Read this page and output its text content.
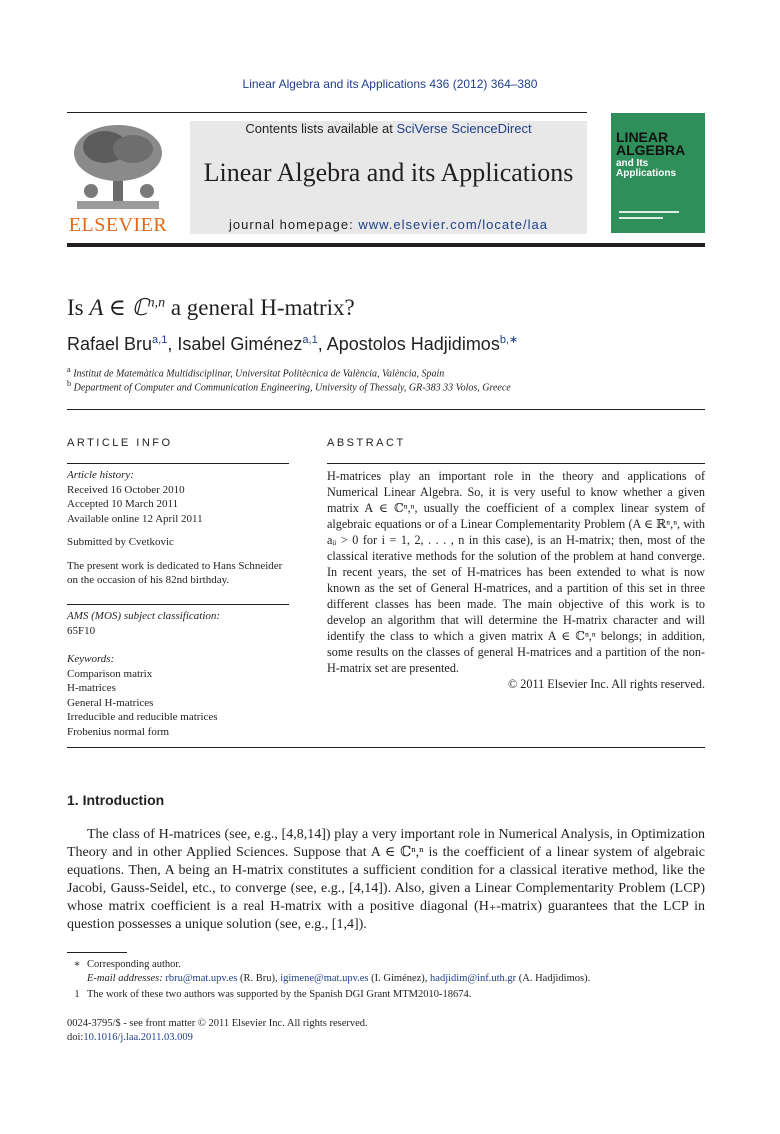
Linear Algebra and its Applications 436 (2012) 364–380
ELSEVIER
Contents lists available at SciVerse ScienceDirect
Linear Algebra and its Applications
journal homepage: www.elsevier.com/locate/laa
LINEAR
ALGEBRA
and Its
Applications
Is A ∈ ℂ$^{n,n}$ a general H-matrix?
Rafael Bru$^{a,1}$, Isabel Giménez$^{a,1}$, Apostolos Hadjidimos$^{b,∗}$
$^a$ Institut de Matemàtica Multidisciplinar, Universitat Politècnica de València, València, Spain
$^b$ Department of Computer and Communication Engineering, University of Thessaly, GR-383 33 Volos, Greece
ARTICLE INFO
Article history:
Received 16 October 2010
Accepted 10 March 2011
Available online 12 April 2011
Submitted by Cvetkovic
The present work is dedicated to Hans Schneider on the occasion of his 82nd birthday.
AMS (MOS) subject classification:
65F10
Keywords:
Comparison matrix
H-matrices
General H-matrices
Irreducible and reducible matrices
Frobenius normal form
ABSTRACT
H-matrices play an important role in the theory and applications of Numerical Linear Algebra. So, it is very useful to know whether a given matrix A ∈ ℂⁿ,ⁿ, usually the coefficient of a complex linear system of algebraic equations or of a Linear Complementarity Problem (A ∈ ℝⁿ,ⁿ, with aᵢᵢ > 0 for i = 1, 2, . . . , n in this case), is an H-matrix; then, most of the classical iterative methods for the solution of the problem at hand converge. In recent years, the set of H-matrices has been extended to what is now known as the set of General H-matrices, and a partition of this set in three different classes has been made. The main objective of this work is to develop an algorithm that will determine the H-matrix character and will identify the class to which a given matrix A ∈ ℂⁿ,ⁿ belongs; in addition, some results on the classes of general H-matrices and a partition of the non-H-matrix set are presented.
© 2011 Elsevier Inc. All rights reserved.
1. Introduction
The class of H-matrices (see, e.g., [4,8,14]) play a very important role in Numerical Analysis, in Optimization Theory and in other Applied Sciences. Suppose that A ∈ ℂⁿ,ⁿ is the coefficient of a linear system of algebraic equations. Then, A being an H-matrix constitutes a sufficient condition for a classical iterative method, like the Jacobi, Gauss-Seidel, etc., to converge (see, e.g., [4,14]). Also, given a Linear Complementarity Problem (LCP) whose matrix coefficient is a real H-matrix with a positive diagonal (H₊-matrix) guarantees that the LCP in question possesses a unique solution (see, e.g., [1,4]).
∗ Corresponding author.
E-mail addresses: rbru@mat.upv.es (R. Bru), igimene@mat.upv.es (I. Giménez), hadjidim@inf.uth.gr (A. Hadjidimos).
1 The work of these two authors was supported by the Spanish DGI Grant MTM2010-18674.
0024-3795/$ - see front matter © 2011 Elsevier Inc. All rights reserved.
doi:10.1016/j.laa.2011.03.009
